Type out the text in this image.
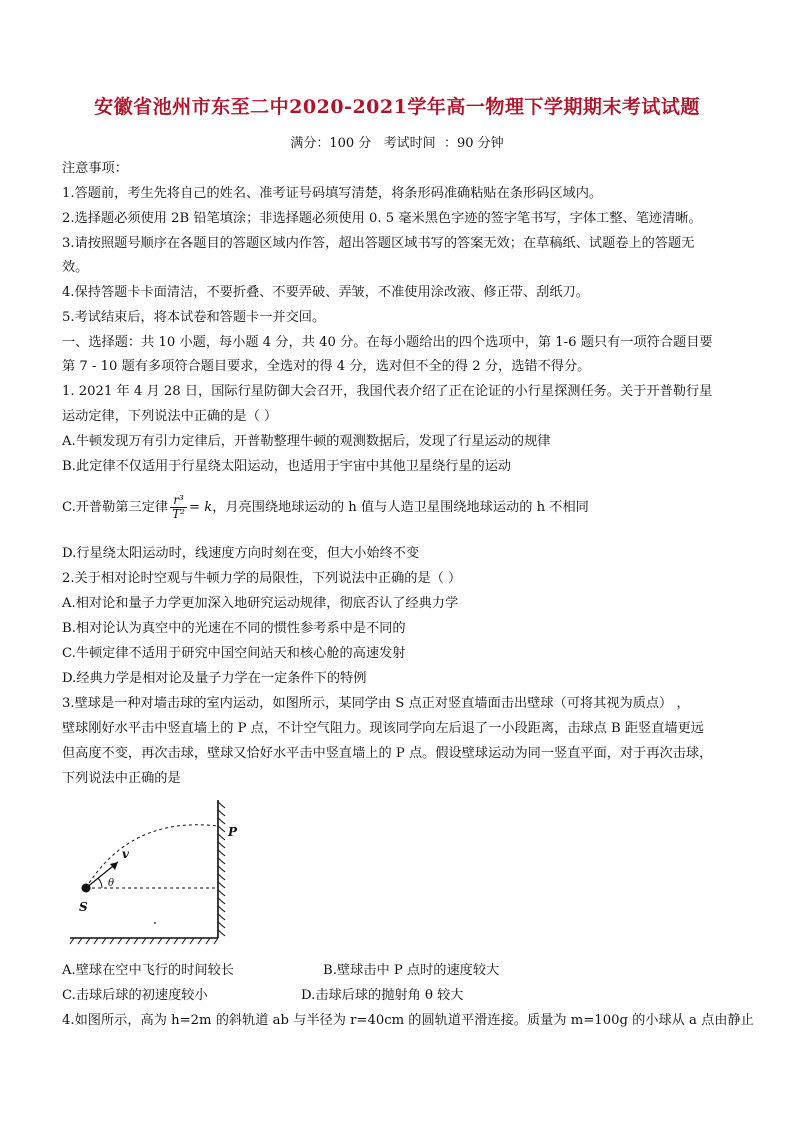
安徽省池州市东至二中2020-2021学年高一物理下学期期末考试试题
满分：100 分   考试时间  ：90 分钟
注意事项：
1.答题前，考生先将自己的姓名、准考证号码填写清楚，将条形码准确粘贴在条形码区域内。
2.选择题必须使用 2B 铅笔填涂；非选择题必须使用 0. 5 毫米黑色字迹的签字笔书写，字体工整、笔迹清晰。
3.请按照题号顺序在各题目的答题区域内作答，超出答题区域书写的答案无效；在草稿纸、试题卷上的答题无
效。
4.保持答题卡卡面清洁，不要折叠、不要弄破、弄皱，不准使用涂改液、修正带、刮纸刀。
5.考试结束后，将本试卷和答题卡一并交回。
一、选择题：共 10 小题，每小题 4 分，共 40 分。在每小题给出的四个选项中，第 1-6 题只有一项符合题目要
第 7 - 10 题有多项符合题目要求，全选对的得 4 分，选对但不全的得 2 分，选错不得分。
1. 2021 年 4 月 28 日，国际行星防御大会召开，我国代表介绍了正在论证的小行星探测任务。关于开普勒行星
运动定律，下列说法中正确的是（ ）
A.牛顿发现万有引力定律后，开普勒整理牛顿的观测数据后，发现了行星运动的规律
B.此定律不仅适用于行星绕太阳运动，也适用于宇宙中其他卫星绕行星的运动
C.开普勒第三定律 $\frac{\text{r³}}{\text{T²}} = k$，月亮围绕地球运动的 h 值与人造卫星围绕地球运动的 h 不相同
D.行星绕太阳运动时，线速度方向时刻在变，但大小始终不变
2.关于相对论时空观与牛顿力学的局限性，下列说法中正确的是（ ）
A.相对论和量子力学更加深入地研究运动规律，彻底否认了经典力学
B.相对论认为真空中的光速在不同的惯性参考系中是不同的
C.牛顿定律不适用于研究中国空间站天和核心舱的高速发射
D.经典力学是相对论及量子力学在一定条件下的特例
3.壁球是一种对墙击球的室内运动，如图所示，某同学由 S 点正对竖直墙面击出壁球（可将其视为质点） ，
壁球刚好水平击中竖直墙上的 P 点，不计空气阻力。现该同学向左后退了一小段距离，击球点 B 距竖直墙更远
但高度不变，再次击球，壁球又恰好水平击中竖直墙上的 P 点。假设壁球运动为同一竖直平面，对于再次击球，
下列说法中正确的是
P
v
θ
S
A.壁球在空中飞行的时间较长	B.壁球击中 P 点时的速度较大
C.击球后球的初速度较小	D.击球后球的抛射角 θ 较大
4.如图所示，高为 h=2m 的斜轨道 ab 与半径为 r=40cm 的圆轨道平滑连接。质量为 m=100g 的小球从 a 点由静止
